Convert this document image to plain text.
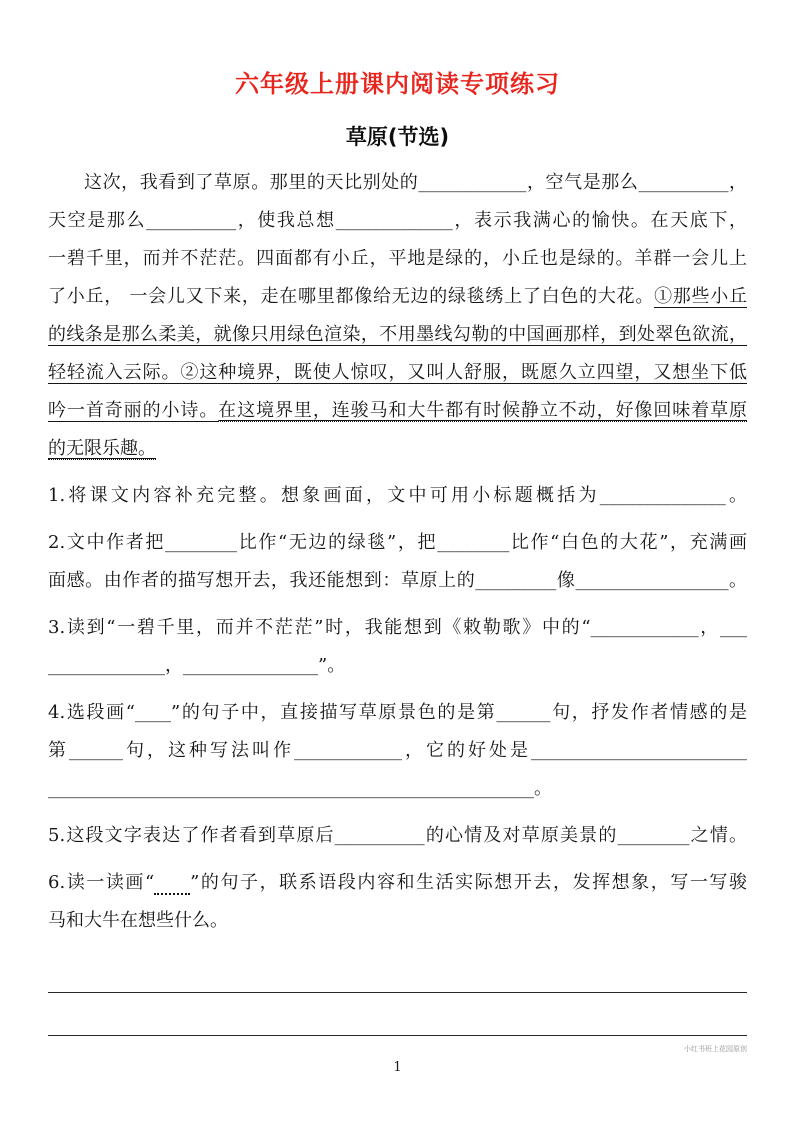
六年级上册课内阅读专项练习
草原(节选)
这次，我看到了草原。那里的天比别处的____________，空气是那么__________，
天空是那么__________，使我总想_____________，表示我满心的愉快。在天底下，
一碧千里，而并不茫茫。四面都有小丘，平地是绿的，小丘也是绿的。羊群一会儿上
了小丘， 一会儿又下来，走在哪里都像给无边的绿毯绣上了白色的大花。①那些小丘
的线条是那么柔美，就像只用绿色渲染，不用墨线勾勒的中国画那样，到处翠色欲流，
轻轻流入云际。②这种境界，既使人惊叹，又叫人舒服，既愿久立四望，又想坐下低
吟一首奇丽的小诗。在这境界里，连骏马和大牛都有时候静立不动，好像回味着草原
的无限乐趣。
1.将课文内容补充完整。想象画面，文中可用小标题概括为______________。
2.文中作者把________比作“无边的绿毯”，把________比作“白色的大花”，充满画
面感。由作者的描写想开去，我还能想到：草原上的_________像_________________。
3.读到“一碧千里，而并不茫茫”时，我能想到《敕勒歌》中的“____________，___
_____________，_______________”。
4.选段画“____”的句子中，直接描写草原景色的是第______句，抒发作者情感的是
第______句，这种写法叫作____________，它的好处是________________________
______________________________________________________。
5.这段文字表达了作者看到草原后__________的心情及对草原美景的________之情。
6.读一读画“ ”的句子，联系语段内容和生活实际想开去，发挥想象，写一写骏
马和大牛在想些什么。
小红书班上花园原创
1
